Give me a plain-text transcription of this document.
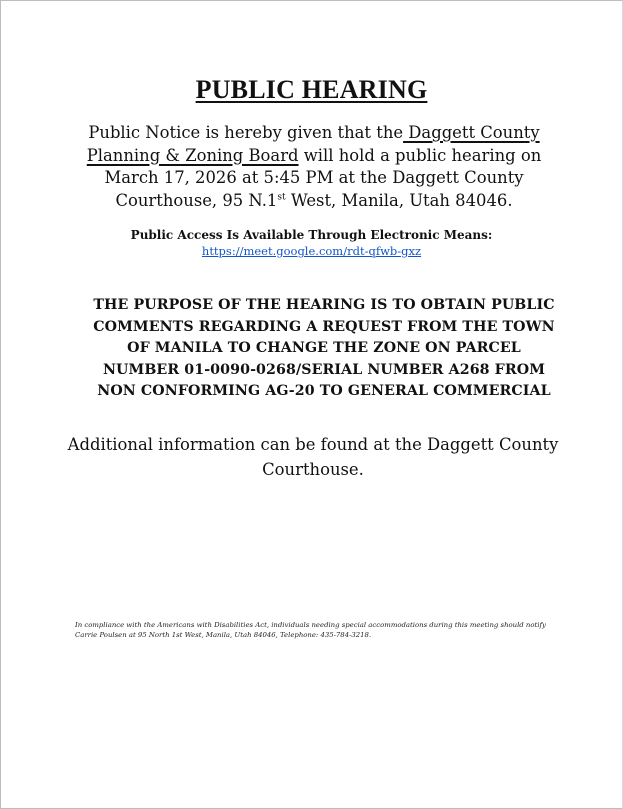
PUBLIC HEARING
Public Notice is hereby given that the Daggett County Planning & Zoning Board will hold a public hearing on March 17, 2026 at 5:45 PM at the Daggett County Courthouse, 95 N.1st West, Manila, Utah 84046.
Public Access Is Available Through Electronic Means:
https://meet.google.com/rdt-qfwb-gxz
THE PURPOSE OF THE HEARING IS TO OBTAIN PUBLIC COMMENTS REGARDING A REQUEST FROM THE TOWN OF MANILA TO CHANGE THE ZONE ON PARCEL NUMBER 01-0090-0268/SERIAL NUMBER A268 FROM NON CONFORMING AG-20 TO GENERAL COMMERCIAL
Additional information can be found at the Daggett County Courthouse.
In compliance with the Americans with Disabilities Act, individuals needing special accommodations during this meeting should notify Carrie Poulsen at 95 North 1st West, Manila, Utah 84046, Telephone: 435-784-3218.
